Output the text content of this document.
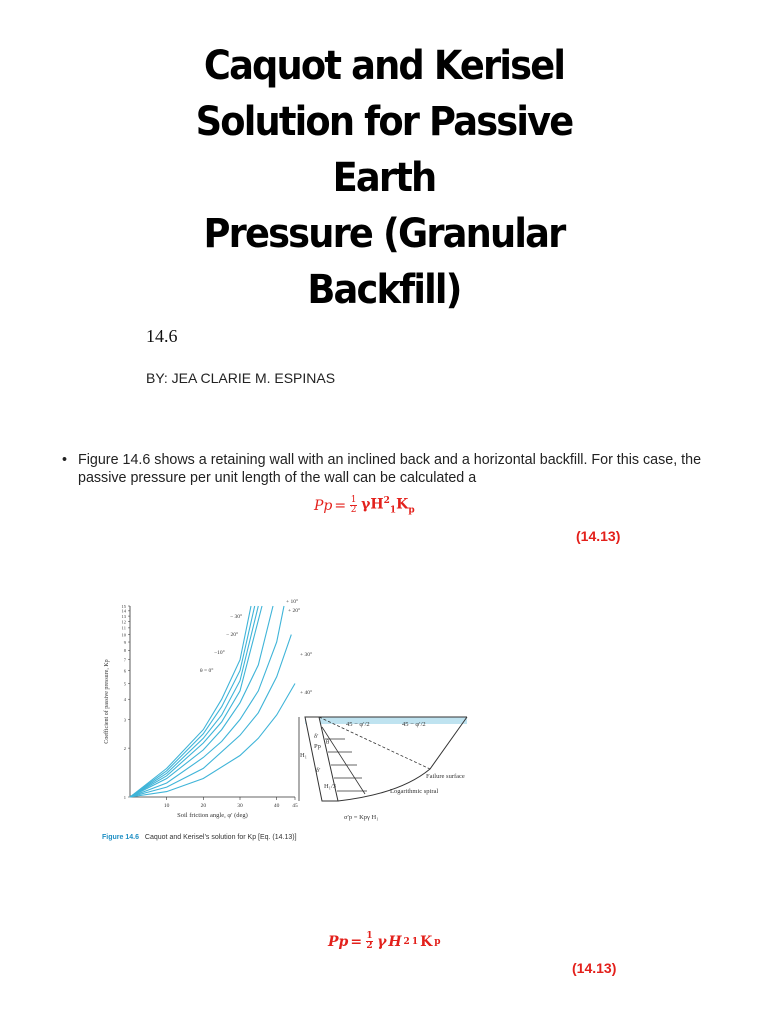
Caquot and Kerisel
Solution for Passive
Earth
Pressure (Granular
Backfill)
14.6
BY: JEA CLARIE M. ESPINAS
• Figure 14.6 shows a retaining wall with an inclined back and a horizontal backfill. For this case, the passive pressure per unit length of the wall can be calculated a
$Pp = \frac{1}{2} \gamma H^2_1K_p$
(14.13)
10	20	30	40 45
1
2
3
4
5
6
7
8
9
10
11
12
13
14
15
Soil friction angle, φ′ (deg)
Coefficient of passive pressure, Kp
− 30°
− 20°
−10°
θ = 0°
+ 10°
+ 20°
+ 30°
+ 40°
45 − φ′/2	45 − φ′/2
H₁
Pp
δ′
δ′
θ
H₁/3
Failure surface
Logarithmic spiral
σ′p = Kpγ H₁
Figure 14.6 Caquot and Kerisel’s solution for Kp [Eq. (14.13)]
$Pp = \frac{1}{2}$ γ H 2 1 K p
(14.13)
